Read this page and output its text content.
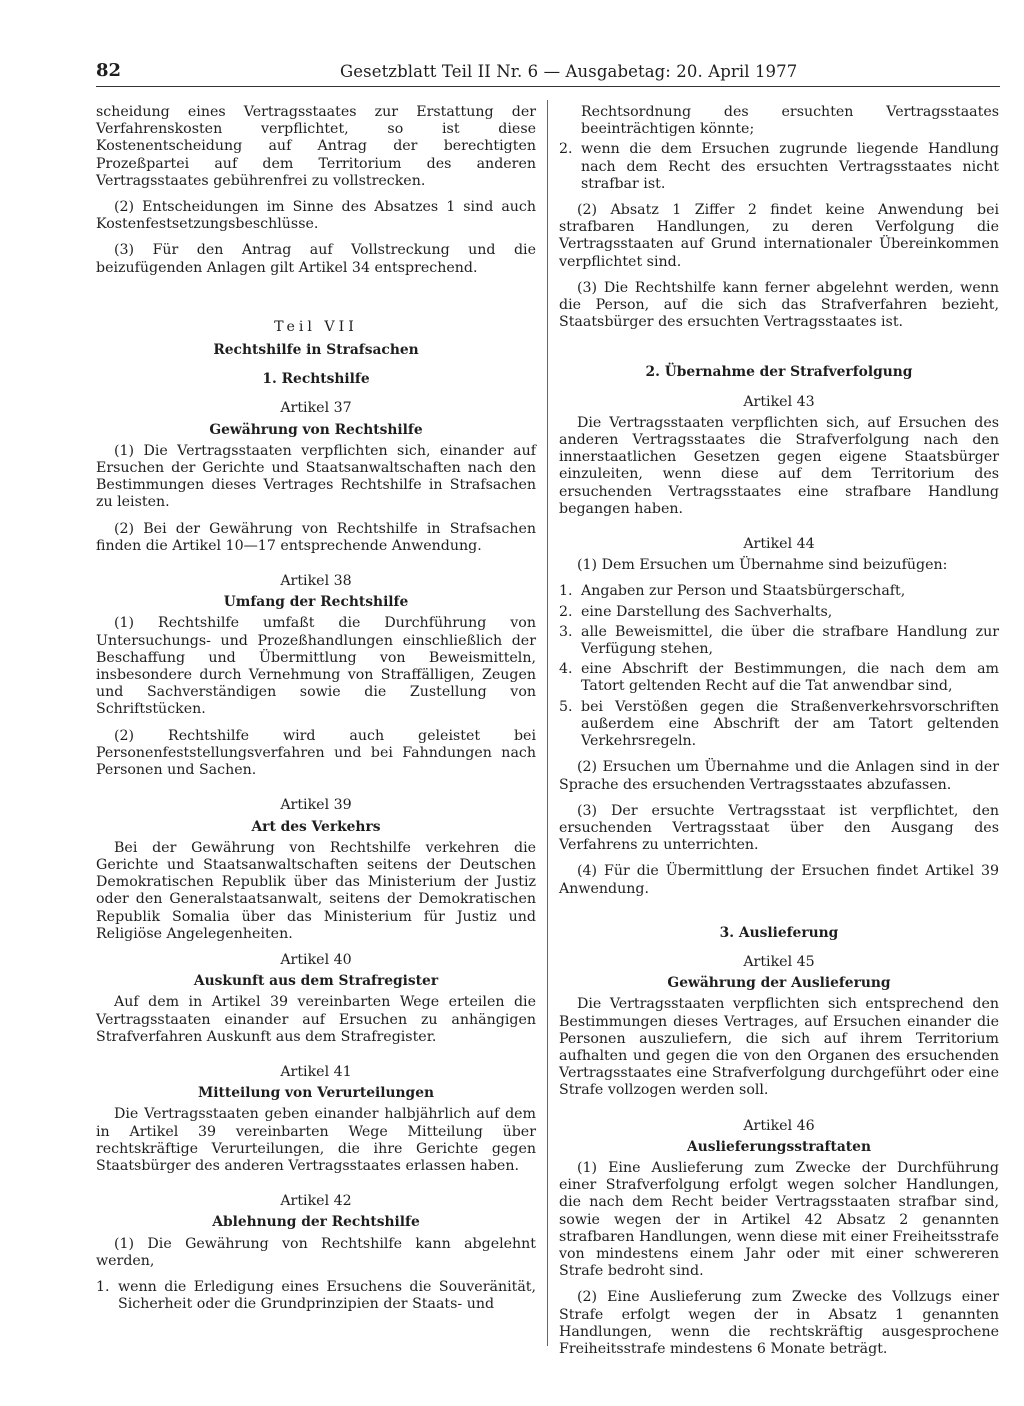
82	Gesetzblatt Teil II Nr. 6 — Ausgabetag: 20. April 1977

scheidung eines Vertragsstaates zur Erstattung der Verfahrenskosten verpflichtet, so ist diese Kostenentscheidung auf Antrag der berechtigten Prozeßpartei auf dem Territorium des anderen Vertragsstaates gebührenfrei zu vollstrecken.

(2) Entscheidungen im Sinne des Absatzes 1 sind auch Kostenfestsetzungsbeschlüsse.

(3) Für den Antrag auf Vollstreckung und die beizufügenden Anlagen gilt Artikel 34 entsprechend.

Teil VII
Rechtshilfe in Strafsachen
1. Rechtshilfe
Artikel 37
Gewährung von Rechtshilfe

(1) Die Vertragsstaaten verpflichten sich, einander auf Ersuchen der Gerichte und Staatsanwaltschaften nach den Bestimmungen dieses Vertrages Rechtshilfe in Strafsachen zu leisten.

(2) Bei der Gewährung von Rechtshilfe in Strafsachen finden die Artikel 10—17 entsprechende Anwendung.

Artikel 38
Umfang der Rechtshilfe

(1) Rechtshilfe umfaßt die Durchführung von Untersuchungs- und Prozeßhandlungen einschließlich der Beschaffung und Übermittlung von Beweismitteln, insbesondere durch Vernehmung von Straffälligen, Zeugen und Sachverständigen sowie die Zustellung von Schriftstücken.

(2) Rechtshilfe wird auch geleistet bei Personenfeststellungsverfahren und bei Fahndungen nach Personen und Sachen.

Artikel 39
Art des Verkehrs

Bei der Gewährung von Rechtshilfe verkehren die Gerichte und Staatsanwaltschaften seitens der Deutschen Demokratischen Republik über das Ministerium der Justiz oder den Generalstaatsanwalt, seitens der Demokratischen Republik Somalia über das Ministerium für Justiz und Religiöse Angelegenheiten.

Artikel 40
Auskunft aus dem Strafregister

Auf dem in Artikel 39 vereinbarten Wege erteilen die Vertragsstaaten einander auf Ersuchen zu anhängigen Strafverfahren Auskunft aus dem Strafregister.

Artikel 41
Mitteilung von Verurteilungen

Die Vertragsstaaten geben einander halbjährlich auf dem in Artikel 39 vereinbarten Wege Mitteilung über rechtskräftige Verurteilungen, die ihre Gerichte gegen Staatsbürger des anderen Vertragsstaates erlassen haben.

Artikel 42
Ablehnung der Rechtshilfe

(1) Die Gewährung von Rechtshilfe kann abgelehnt werden,

1. wenn die Erledigung eines Ersuchens die Souveränität, Sicherheit oder die Grundprinzipien der Staats- und
Rechtsordnung des ersuchten Vertragsstaates beeinträchtigen könnte;
2. wenn die dem Ersuchen zugrunde liegende Handlung nach dem Recht des ersuchten Vertragsstaates nicht strafbar ist.

(2) Absatz 1 Ziffer 2 findet keine Anwendung bei strafbaren Handlungen, zu deren Verfolgung die Vertragsstaaten auf Grund internationaler Übereinkommen verpflichtet sind.

(3) Die Rechtshilfe kann ferner abgelehnt werden, wenn die Person, auf die sich das Strafverfahren bezieht, Staatsbürger des ersuchten Vertragsstaates ist.

2. Übernahme der Strafverfolgung
Artikel 43

Die Vertragsstaaten verpflichten sich, auf Ersuchen des anderen Vertragsstaates die Strafverfolgung nach den innerstaatlichen Gesetzen gegen eigene Staatsbürger einzuleiten, wenn diese auf dem Territorium des ersuchenden Vertragsstaates eine strafbare Handlung begangen haben.

Artikel 44

(1) Dem Ersuchen um Übernahme sind beizufügen:

1. Angaben zur Person und Staatsbürgerschaft,
2. eine Darstellung des Sachverhalts,
3. alle Beweismittel, die über die strafbare Handlung zur Verfügung stehen,
4. eine Abschrift der Bestimmungen, die nach dem am Tatort geltenden Recht auf die Tat anwendbar sind,
5. bei Verstößen gegen die Straßenverkehrsvorschriften außerdem eine Abschrift der am Tatort geltenden Verkehrsregeln.

(2) Ersuchen um Übernahme und die Anlagen sind in der Sprache des ersuchenden Vertragsstaates abzufassen.

(3) Der ersuchte Vertragsstaat ist verpflichtet, den ersuchenden Vertragsstaat über den Ausgang des Verfahrens zu unterrichten.

(4) Für die Übermittlung der Ersuchen findet Artikel 39 Anwendung.

3. Auslieferung
Artikel 45
Gewährung der Auslieferung

Die Vertragsstaaten verpflichten sich entsprechend den Bestimmungen dieses Vertrages, auf Ersuchen einander die Personen auszuliefern, die sich auf ihrem Territorium aufhalten und gegen die von den Organen des ersuchenden Vertragsstaates eine Strafverfolgung durchgeführt oder eine Strafe vollzogen werden soll.

Artikel 46
Auslieferungsstraftaten

(1) Eine Auslieferung zum Zwecke der Durchführung einer Strafverfolgung erfolgt wegen solcher Handlungen, die nach dem Recht beider Vertragsstaaten strafbar sind, sowie wegen der in Artikel 42 Absatz 2 genannten strafbaren Handlungen, wenn diese mit einer Freiheitsstrafe von mindestens einem Jahr oder mit einer schwereren Strafe bedroht sind.

(2) Eine Auslieferung zum Zwecke des Vollzugs einer Strafe erfolgt wegen der in Absatz 1 genannten Handlungen, wenn die rechtskräftig ausgesprochene Freiheitsstrafe mindestens 6 Monate beträgt.
